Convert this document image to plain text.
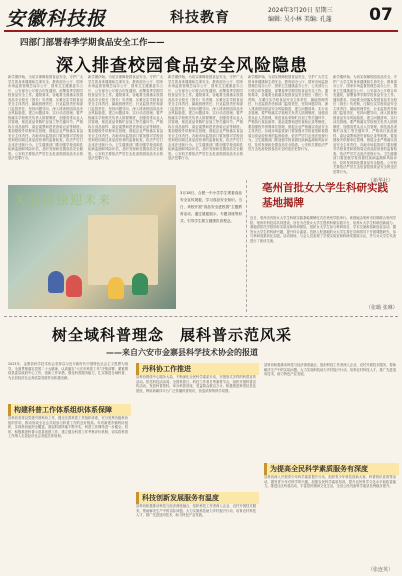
安徽科技报	科技教育	2024年3月20日 星期三
编辑: 吴小林 美编: 孔蓬 07
四部门部署春季学期食品安全工作——
深入排查校园食品安全风险隐患
新学期伊始，为切实保障校园食品安全，守护广大学生的身体健康和生命安全，教育部办公厅、国家市场监督管理总局办公厅、国家卫生健康委办公厅、公安部办公厅联合印发通知，部署春季学期学校食品安全工作。通知要求，各地要全面落实校园食品安全校长（园长）负责制，压紧压实学校食品安全主体责任、属地管理责任、行业监管责任和部门监管责任，坚持问题导向，深入排查校园食品安全风险隐患，建立问题清单，实行动态管理。要严格落实学校相关负责人陪餐制度，加强食堂从业人员管理，规范食品采购贮存加工等关键环节，严格执行食品留样、索证索票和进货查验记录等制度。要加强校外供餐单位管理，督促企业严格落实食品安全主体责任。各地市场监管部门要加强对学校食堂和校园周边食品经营者的监督检查，依法严厉打击违法违规行为。卫生健康部门要加强学校食源性疾病监测和风险评估，及时发现和处置食品安全隐患。公安机关要依法严厉打击危害校园食品安全的违法犯罪行为。
新学期伊始，为切实保障校园食品安全，守护广大学生的身体健康和生命安全，教育部办公厅、国家市场监督管理总局办公厅、国家卫生健康委办公厅、公安部办公厅联合印发通知，部署春季学期学校食品安全工作。通知要求，各地要全面落实校园食品安全校长（园长）负责制，压紧压实学校食品安全主体责任、属地管理责任、行业监管责任和部门监管责任，坚持问题导向，深入排查校园食品安全风险隐患，建立问题清单，实行动态管理。要严格落实学校相关负责人陪餐制度，加强食堂从业人员管理，规范食品采购贮存加工等关键环节，严格执行食品留样、索证索票和进货查验记录等制度。要加强校外供餐单位管理，督促企业严格落实食品安全主体责任。各地市场监管部门要加强对学校食堂和校园周边食品经营者的监督检查，依法严厉打击违法违规行为。卫生健康部门要加强学校食源性疾病监测和风险评估，及时发现和处置食品安全隐患。公安机关要依法严厉打击危害校园食品安全的违法犯罪行为。
新学期伊始，为切实保障校园食品安全，守护广大学生的身体健康和生命安全，教育部办公厅、国家市场监督管理总局办公厅、国家卫生健康委办公厅、公安部办公厅联合印发通知，部署春季学期学校食品安全工作。通知要求，各地要全面落实校园食品安全校长（园长）负责制，压紧压实学校食品安全主体责任、属地管理责任、行业监管责任和部门监管责任，坚持问题导向，深入排查校园食品安全风险隐患，建立问题清单，实行动态管理。要严格落实学校相关负责人陪餐制度，加强食堂从业人员管理，规范食品采购贮存加工等关键环节，严格执行食品留样、索证索票和进货查验记录等制度。要加强校外供餐单位管理，督促企业严格落实食品安全主体责任。各地市场监管部门要加强对学校食堂和校园周边食品经营者的监督检查，依法严厉打击违法违规行为。卫生健康部门要加强学校食源性疾病监测和风险评估，及时发现和处置食品安全隐患。公安机关要依法严厉打击危害校园食品安全的违法犯罪行为。
新学期伊始，为切实保障校园食品安全，守护广大学生的身体健康和生命安全，教育部办公厅、国家市场监督管理总局办公厅、国家卫生健康委办公厅、公安部办公厅联合印发通知，部署春季学期学校食品安全工作。通知要求，各地要全面落实校园食品安全校长（园长）负责制，压紧压实学校食品安全主体责任、属地管理责任、行业监管责任和部门监管责任，坚持问题导向，深入排查校园食品安全风险隐患，建立问题清单，实行动态管理。要严格落实学校相关负责人陪餐制度，加强食堂从业人员管理，规范食品采购贮存加工等关键环节，严格执行食品留样、索证索票和进货查验记录等制度。要加强校外供餐单位管理，督促企业严格落实食品安全主体责任。各地市场监管部门要加强对学校食堂和校园周边食品经营者的监督检查，依法严厉打击违法违规行为。卫生健康部门要加强学校食源性疾病监测和风险评估，及时发现和处置食品安全隐患。公安机关要依法严厉打击危害校园食品安全的违法犯罪行为。
新学期伊始，为切实保障校园食品安全，守护广大学生的身体健康和生命安全，教育部办公厅、国家市场监督管理总局办公厅、国家卫生健康委办公厅、公安部办公厅联合印发通知，部署春季学期学校食品安全工作。通知要求，各地要全面落实校园食品安全校长（园长）负责制，压紧压实学校食品安全主体责任、属地管理责任、行业监管责任和部门监管责任，坚持问题导向，深入排查校园食品安全风险隐患，建立问题清单，实行动态管理。要严格落实学校相关负责人陪餐制度，加强食堂从业人员管理，规范食品采购贮存加工等关键环节，严格执行食品留样、索证索票和进货查验记录等制度。要加强校外供餐单位管理，督促企业严格落实食品安全主体责任。各地市场监管部门要加强对学校食堂和校园周边食品经营者的监督检查，依法严厉打击违法违规行为。卫生健康部门要加强学校食源性疾病监测和风险评估，及时发现和处置食品安全隐患。公安机关要依法严厉打击危害校园食品安全的违法犯罪行为。
（新华社）
关爱很独迎未来	3月18日，合肥一中小学学生观看食品安全宣传展板，学习食品安全知识。当日，该校开展“食品安全进校园”主题教育活动，通过展板展示、专题讲座等形式，引导学生树立健康饮食观念。
亳州首批女大学生科研实践基地揭牌
近日，亳州市首批女大学生科研实践基地揭牌仪式在亳州学院举行。该基地由亳州市妇联联合亳州学院、亳州市科技局共同建设，旨在为在校女大学生提供科研实践平台，培养女大学生科研创新能力。基地将依托学校现有实验室和科研团队，组织女大学生参与科研项目、学术交流和创新创业活动，激发女大学生的科研兴趣，提升综合素质。首批入驻基地的女大学生将在导师指导下开展课题研究，参与科研成果转化实践。活动现场，与会人员参观了学校实验室和科研成果展示区，并与女大学生代表进行了座谈交流。
（张璐 张琳）
树全域科普理念　展科普示范风采
——来自六安市金寨县科学技术协会的报道
2023年，金寨县科学技术协会坚持以习近平新时代中国特色社会主义思想为指导，全面贯彻落实党的二十大精神，认真落实“六安市科普工作”决策部署，紧紧围绕县委县政府中心工作，创新工作举措，强化科普服务能力，扎实推进全域科普，为全县经济社会高质量发展作出积极贡献。
构建科普工作体系组织体系保障
县科协坚持以党建引领科协工作，健全完善科普工作组织体系，充分发挥各级科协组织作用，推动形成全社会共同参与科普工作的良好格局。年内新建乡镇科协组织，实现科协组织全覆盖，基层科普阵地不断夯实，科普工作网络进一步健全。同时，积极推进科普示范县创建工作，建立健全科普工作考核评价机制，切实将科普工作纳入全县经济社会发展总体规划。
丹科协工作推进
县科协围绕中心服务大局，不断深化全民科学素质行动，开展形式多样的科普宣传活动。依托科技活动周、全国科普日、科技工作者日等重要节点，组织开展科普宣传活动，发放科普资料，举办科普讲座，受益群众数以万计。积极推进科普信息化建设，利用新媒体平台广泛传播科普知识，营造浓厚的科学氛围。
科技创新发展服务有温度
县科协积极推动科技与经济深度融合，组织科技工作者深入企业、农村开展技术服务，帮助解决生产中的实际问题。大力实施科技助力乡村振兴行动，培育农村科技人才，推广先进适用技术，助力特色产业发展。
县科协积极推动科技与经济深度融合，组织科技工作者深入企业、农村开展技术服务，帮助解决生产中的实际问题。大力实施科技助力乡村振兴行动，培育农村科技人才，推广先进适用技术，助力特色产业发展。
为提高全民科学素质服务有深度
县科协深入开展青少年科学素质提升行动，组织青少年科技创新大赛、科普知识竞赛等活动，激发青少年对科学的兴趣。加强农民科学素质培训，提升农民科学文化水平和致富能力。推进社区科普活动，丰富居民精神文化生活，全县公民具备科学素质比例稳步提升。
（张连英）
